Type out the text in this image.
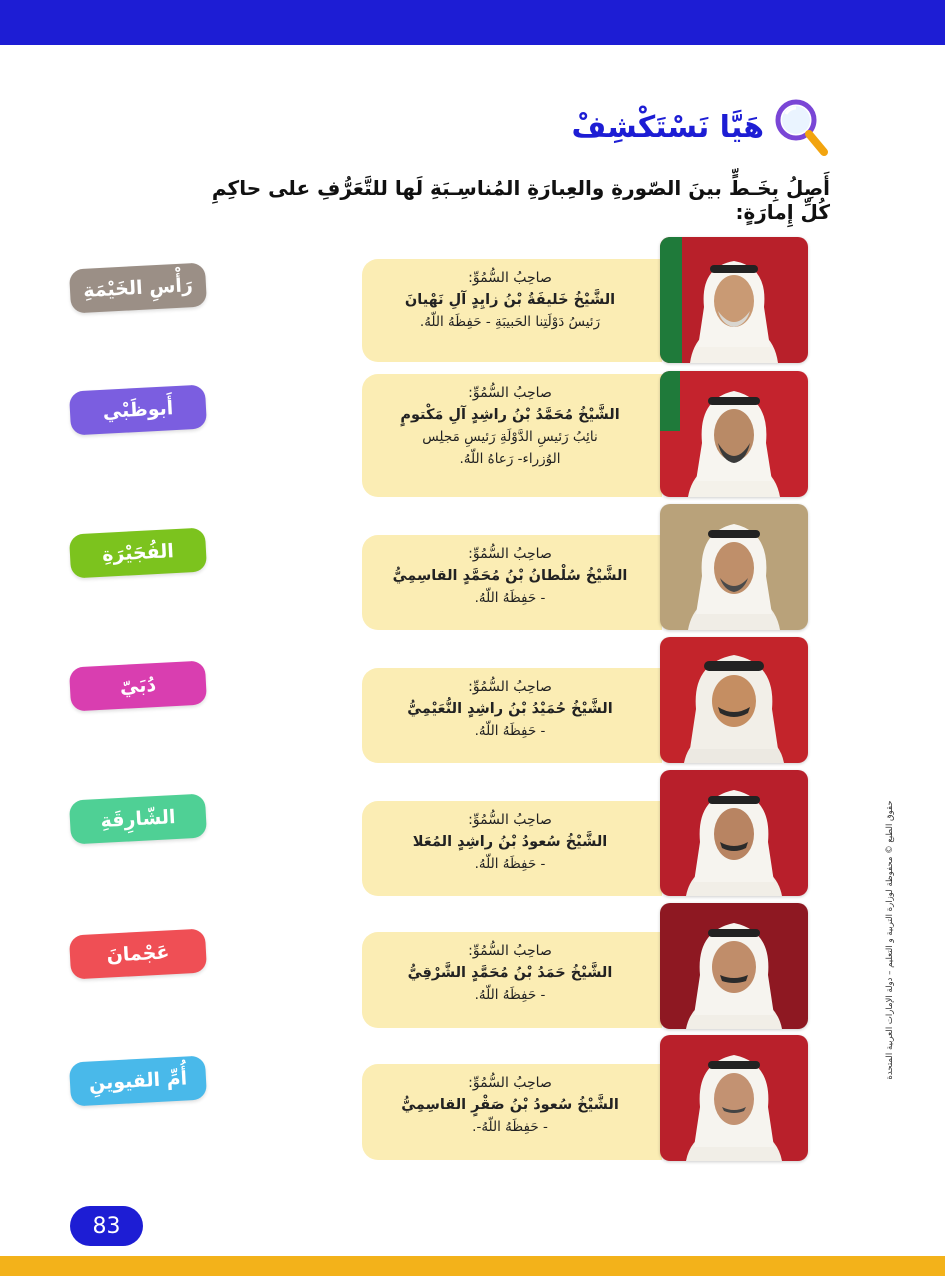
هَيَّا نَسْتَكْشِفْ
أَصِلُ بِخَـطٍّ بينَ الصّورةِ والعِبارَةِ المُناسِـبَةِ لَها للتَّعَرُّفِ على حاكِمِ كُلِّ إِمارَةٍ:
رَأْسِ الخَيْمَةِ
أَبوظَبْي
الفُجَيْرَةِ
دُبَيّ
الشّارِقَةِ
عَجْمانَ
أُمِّ القيوينِ
صاحِبُ السُّمُوِّ:
الشَّيْخُ خَليفَةُ بْنُ زايِدٍ آلِ نَهْيانَ
رَئيسُ دَوْلَتِنا الحَبيبَةِ - حَفِظَهُ اللّهُ.
صاحِبُ السُّمُوِّ:
الشَّيْخُ مُحَمَّدُ بْنُ راشِدٍ آلِ مَكْتومٍ
نائِبُ رَئيسِ الدَّوْلَةِ رَئيسِ مَجلِس
الوُزراء- رَعاهُ اللّهُ.
صاحِبُ السُّمُوِّ:
الشَّيْخُ سُلْطانُ بْنُ مُحَمَّدٍ القاسِمِيُّ
- حَفِظَهُ اللّهُ.
صاحِبُ السُّمُوِّ:
الشَّيْخُ حُمَيْدُ بْنُ راشِدٍ النُّعَيْمِيُّ
- حَفِظَهُ اللّهُ.
صاحِبُ السُّمُوِّ:
الشَّيْخُ سُعودُ بْنُ راشِدٍ المُعَلا
- حَفِظَهُ اللّهُ.
صاحِبُ السُّمُوِّ:
الشَّيْخُ حَمَدُ بْنُ مُحَمَّدٍ الشَّرْقِيُّ
- حَفِظَهُ اللّهُ.
صاحِبُ السُّمُوِّ:
الشَّيْخُ سُعودُ بْنُ صَقْرٍ القاسِمِيُّ
- حَفِظَهُ اللّهُ-.
حقوق الطبع © محفوظة لوزارة التربية و التعليم – دولة الإمارات العربية المتحدة
83
